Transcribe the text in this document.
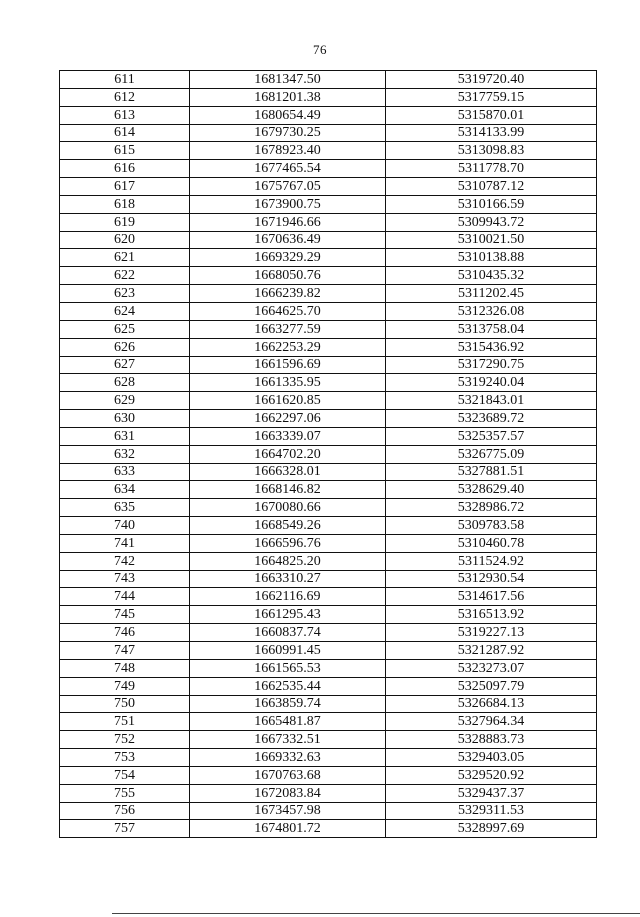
76
611	1681347.50	5319720.40
612	1681201.38	5317759.15
613	1680654.49	5315870.01
614	1679730.25	5314133.99
615	1678923.40	5313098.83
616	1677465.54	5311778.70
617	1675767.05	5310787.12
618	1673900.75	5310166.59
619	1671946.66	5309943.72
620	1670636.49	5310021.50
621	1669329.29	5310138.88
622	1668050.76	5310435.32
623	1666239.82	5311202.45
624	1664625.70	5312326.08
625	1663277.59	5313758.04
626	1662253.29	5315436.92
627	1661596.69	5317290.75
628	1661335.95	5319240.04
629	1661620.85	5321843.01
630	1662297.06	5323689.72
631	1663339.07	5325357.57
632	1664702.20	5326775.09
633	1666328.01	5327881.51
634	1668146.82	5328629.40
635	1670080.66	5328986.72
740	1668549.26	5309783.58
741	1666596.76	5310460.78
742	1664825.20	5311524.92
743	1663310.27	5312930.54
744	1662116.69	5314617.56
745	1661295.43	5316513.92
746	1660837.74	5319227.13
747	1660991.45	5321287.92
748	1661565.53	5323273.07
749	1662535.44	5325097.79
750	1663859.74	5326684.13
751	1665481.87	5327964.34
752	1667332.51	5328883.73
753	1669332.63	5329403.05
754	1670763.68	5329520.92
755	1672083.84	5329437.37
756	1673457.98	5329311.53
757	1674801.72	5328997.69
